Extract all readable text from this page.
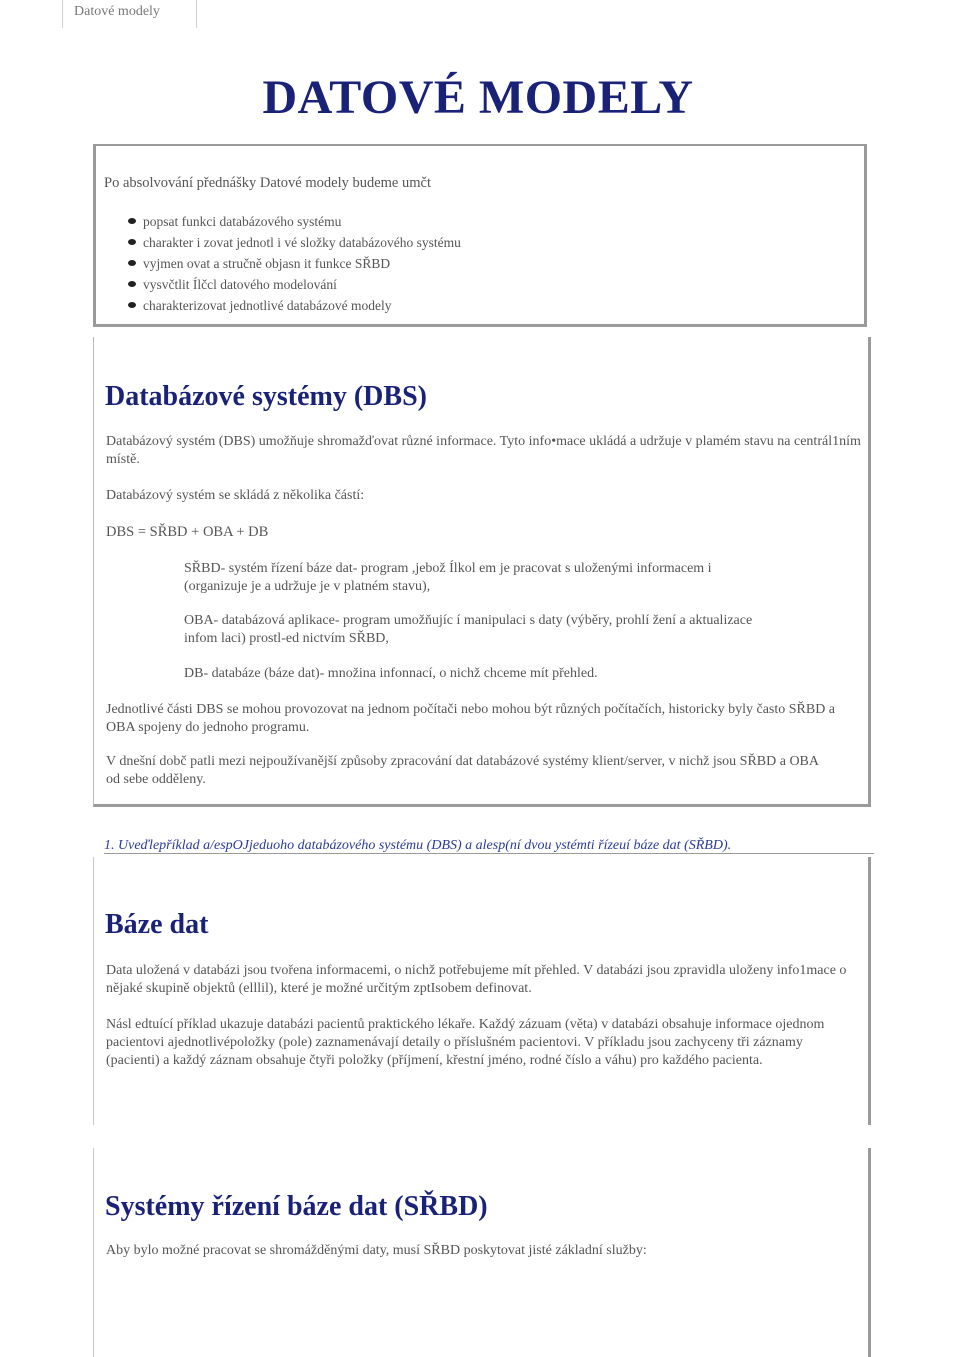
Datové modely
DATOVÉ MODELY
Po absolvování přednášky Datové modely budeme umčt
popsat funkci databázového systému
charakter i zovat jednotl i vé složky databázového systému
vyjmen ovat a stručně objasn it funkce SŘBD
vysvčtlit Ílčcl datového modelování
charakterizovat jednotlivé databázové modely
Databázové systémy (DBS)
Databázový systém (DBS) umožňuje shromažďovat různé informace. Tyto info•mace ukládá a udržuje v plamém stavu na centrál1ním místě.
Databázový systém se skládá z několika částí:
DBS = SŘBD + OBA + DB
SŘBD- systém řízení báze dat- program ,jebož Ílkol em je pracovat s uloženými informacem i (organizuje je a udržuje je v platném stavu),
OBA- databázová aplikace- program umožňujíc í manipulaci s daty (výběry, prohlí žení a aktualizace infom laci) prostl-ed nictvím SŘBD,
DB- databáze (báze dat)- množina infonnací, o nichž chceme mít přehled.
Jednotlivé části DBS se mohou provozovat na jednom počítači nebo mohou být různých počítačích, historicky byly často SŘBD a OBA spojeny do jednoho programu.
V dnešní dobč patli mezi nejpoužívanější způsoby zpracování dat databázové systémy klient/server, v nichž jsou SŘBD a OBA od sebe odděleny.
1. Uveďlepříklad a/espOJjeduoho databázového systému (DBS) a alesp(ní dvou ystémti řízeuí báze dat (SŘBD).
Báze dat
Data uložená v databázi jsou tvořena informacemi, o nichž potřebujeme mít přehled. V databázi jsou zpravidla uloženy info1mace o nějaké skupině objektů (elllil), které je možné určitým zptIsobem definovat.
Násl edtuící příklad ukazuje databázi pacientů praktického lékaře. Každý zázuam (věta) v databázi obsahuje informace ojednom pacientovi ajednotlivépoložky (pole) zaznamenávají detaily o příslušném pacientovi. V příkladu jsou zachyceny tři záznamy (pacienti) a každý záznam obsahuje čtyři položky (příjmení, křestní jméno, rodné číslo a váhu) pro každého pacienta.
Systémy řízení báze dat (SŘBD)
Aby bylo možné pracovat se shromážděnými daty, musí SŘBD poskytovat jisté základní služby:
